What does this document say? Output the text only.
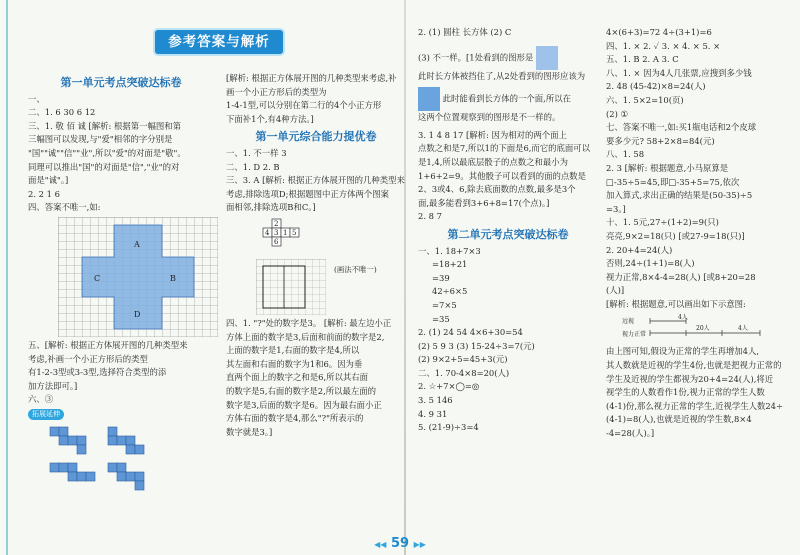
参考答案与解析
第一单元考点突破达标卷

一、

二、1. 6 30 6 12

三、1. 敬 佰 诚 [解析: 根据第一幅图和第

三幅图可以发现,与"爱"相邻的字分别是

"国""诚""信""业",所以"爱"的对面是"敬"。

同理可以推出"国"的对面是"信","业"的对

面是"诚"。]

2. 2 1 6

四、答案不唯一,如:

A
B
C
D

五、[解析: 根据正方体展开图的几种类型来

考虑,补画一个小正方形后的类型

有1-2-3型或3-3型,选择符合类型的添

加方法即可。]

六、③

拓展延伸

[解析: 根据正方体展开图的几种类型来考虑,补

画一个小正方形后的类型为

1-4-1型,可以分别在第二行的4个小正方形

下面补1个,有4种方法。]

第一单元综合能力提优卷

一、1. 不一样 3

二、1. D 2. B

三、3. A [解析: 根据正方体展开图的几种类型来

考虑,排除选项D;根据题图中正方体两个图案

面相邻,排除选项B和C。]

2
4 3 1 5
6
(画法不唯一)

四、1. "?"处的数字是3。 [解析: 最左边小正

方体上面的数字是3,后面和前面的数字是2,

上面的数字是1,右面的数字是4,所以

其左面和右面的数字为1和6。因为垂

直两个面上的数字之和是6,所以其右面

的数字是5,右面的数字是2,所以最左面的

数字是3,后面的数字是6。因为最右面小正

方体右面的数字是4,那么"?"所表示的

数字就是3。]

2. (1) 圆柱 长方体 (2) C

(3) 不一样。[1处看到的图形是

此时长方体被挡住了,从2处看到的图形应该为

此时能看到长方体的一个面,所以在

这两个位置观察到的图形是不一样的。

3. 1 4 8 17 [解析: 因为相对的两个面上

点数之和是7,所以1的下面是6,而它的底面可以

是1,4,所以最底层骰子的点数之和最小为

1+6+2=9。其他骰子可以看到的面的点数是

2、3或4、6,除去底面数的点数,最多是3个

面,最多能看到3+6+8=17(个点)。]

2. 8 7

第二单元考点突破达标卷

一、1. 18+7×3

=18+21

=39

42÷6×5

=7×5

=35

2. (1) 24 54 4×6+30=54

(2) 5 9 3 (3) 15-24÷3=7(元)

(2) 9×2+5=45+3(元)

二、1. 70-4×8=20(人)

2. ☆+7×◯=◎

3. 5 146

4. 9 31

5. (21-9)÷3=4

4×(6+3)=72 4÷(3+1)=6

四、1. × 2. ✓ 3. × 4. × 5. ×

五、1. B 2. A 3. C

八、1. × 因为4人几张票,应搜到多少钱

2. 48 (45-42)×8=24(人)

六、1. 5×2=10(页)

(2) ①

七、答案不唯一,如:买1瓶电话和2个皮球

要多少元? 58+2×8=84(元)

八、1. 58

2. 3 [解析: 根据题意,小马原算是

□-35÷5=45,即□-35+5=75,依次

加入算式,求出正确的结果是(50-35)÷5

=3。]

十、1. 5元,27÷(1+2)=9(只)

亮亮,9×2=18(只) [或27-9=18(只)]

2. 20+4=24(人)

否则,24÷(1+1)=8(人)

视力正常,8×4-4=28(人) [或8+20=28

(人)]

[解析: 根据题意,可以画出如下示意图:

远视
视力正常
4人
20人	4人

由上图可知,假设为正常的学生再增加4人,

其人数就是近视的学生4份,也就是把视力正常的

学生及近视的学生都视为20+4=24(人),将近

视学生的人数看作1份,视力正常的学生人数

(4-1)份,那么视力正常的学生,近视学生人数24÷

(4-1)=8(人),也就是近视的学生数,8×4

-4=28(人)。]

◀◀ 59 ▶▶
